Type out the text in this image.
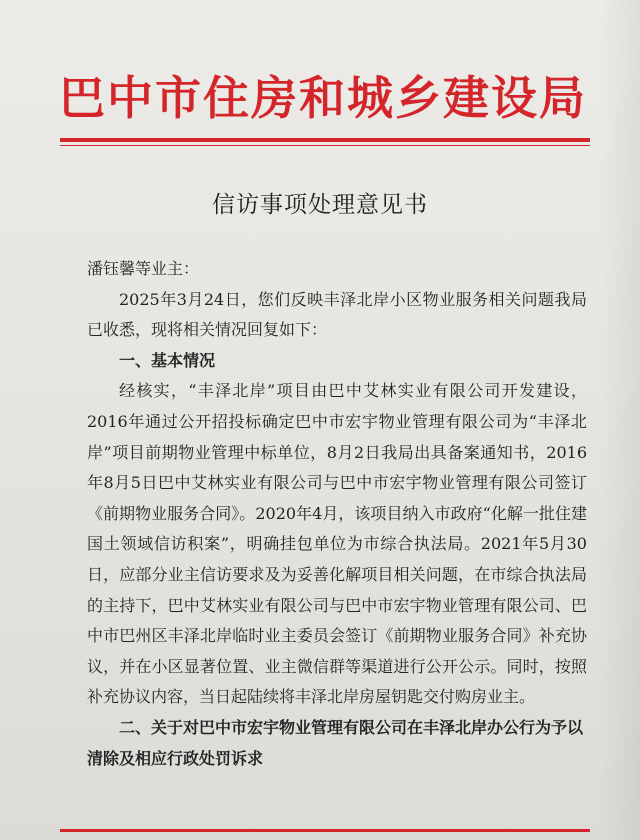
巴中市住房和城乡建设局
信访事项处理意见书

潘钰馨等业主：

2025年3月24日，您们反映丰泽北岸小区物业服务相关问题我局已收悉，现将相关情况回复如下：

一、基本情况

经核实，“丰泽北岸”项目由巴中艾林实业有限公司开发建设，2016年通过公开招投标确定巴中市宏宇物业管理有限公司为“丰泽北岸”项目前期物业管理中标单位，8月2日我局出具备案通知书，2016年8月5日巴中艾林实业有限公司与巴中市宏宇物业管理有限公司签订《前期物业服务合同》。2020年4月，该项目纳入市政府“化解一批住建国土领域信访积案”，明确挂包单位为市综合执法局。2021年5月30日，应部分业主信访要求及为妥善化解项目相关问题，在市综合执法局的主持下，巴中艾林实业有限公司与巴中市宏宇物业管理有限公司、巴中市巴州区丰泽北岸临时业主委员会签订《前期物业服务合同》补充协议，并在小区显著位置、业主微信群等渠道进行公开公示。同时，按照补充协议内容，当日起陆续将丰泽北岸房屋钥匙交付购房业主。

二、关于对巴中市宏宇物业管理有限公司在丰泽北岸办公行为予以清除及相应行政处罚诉求
